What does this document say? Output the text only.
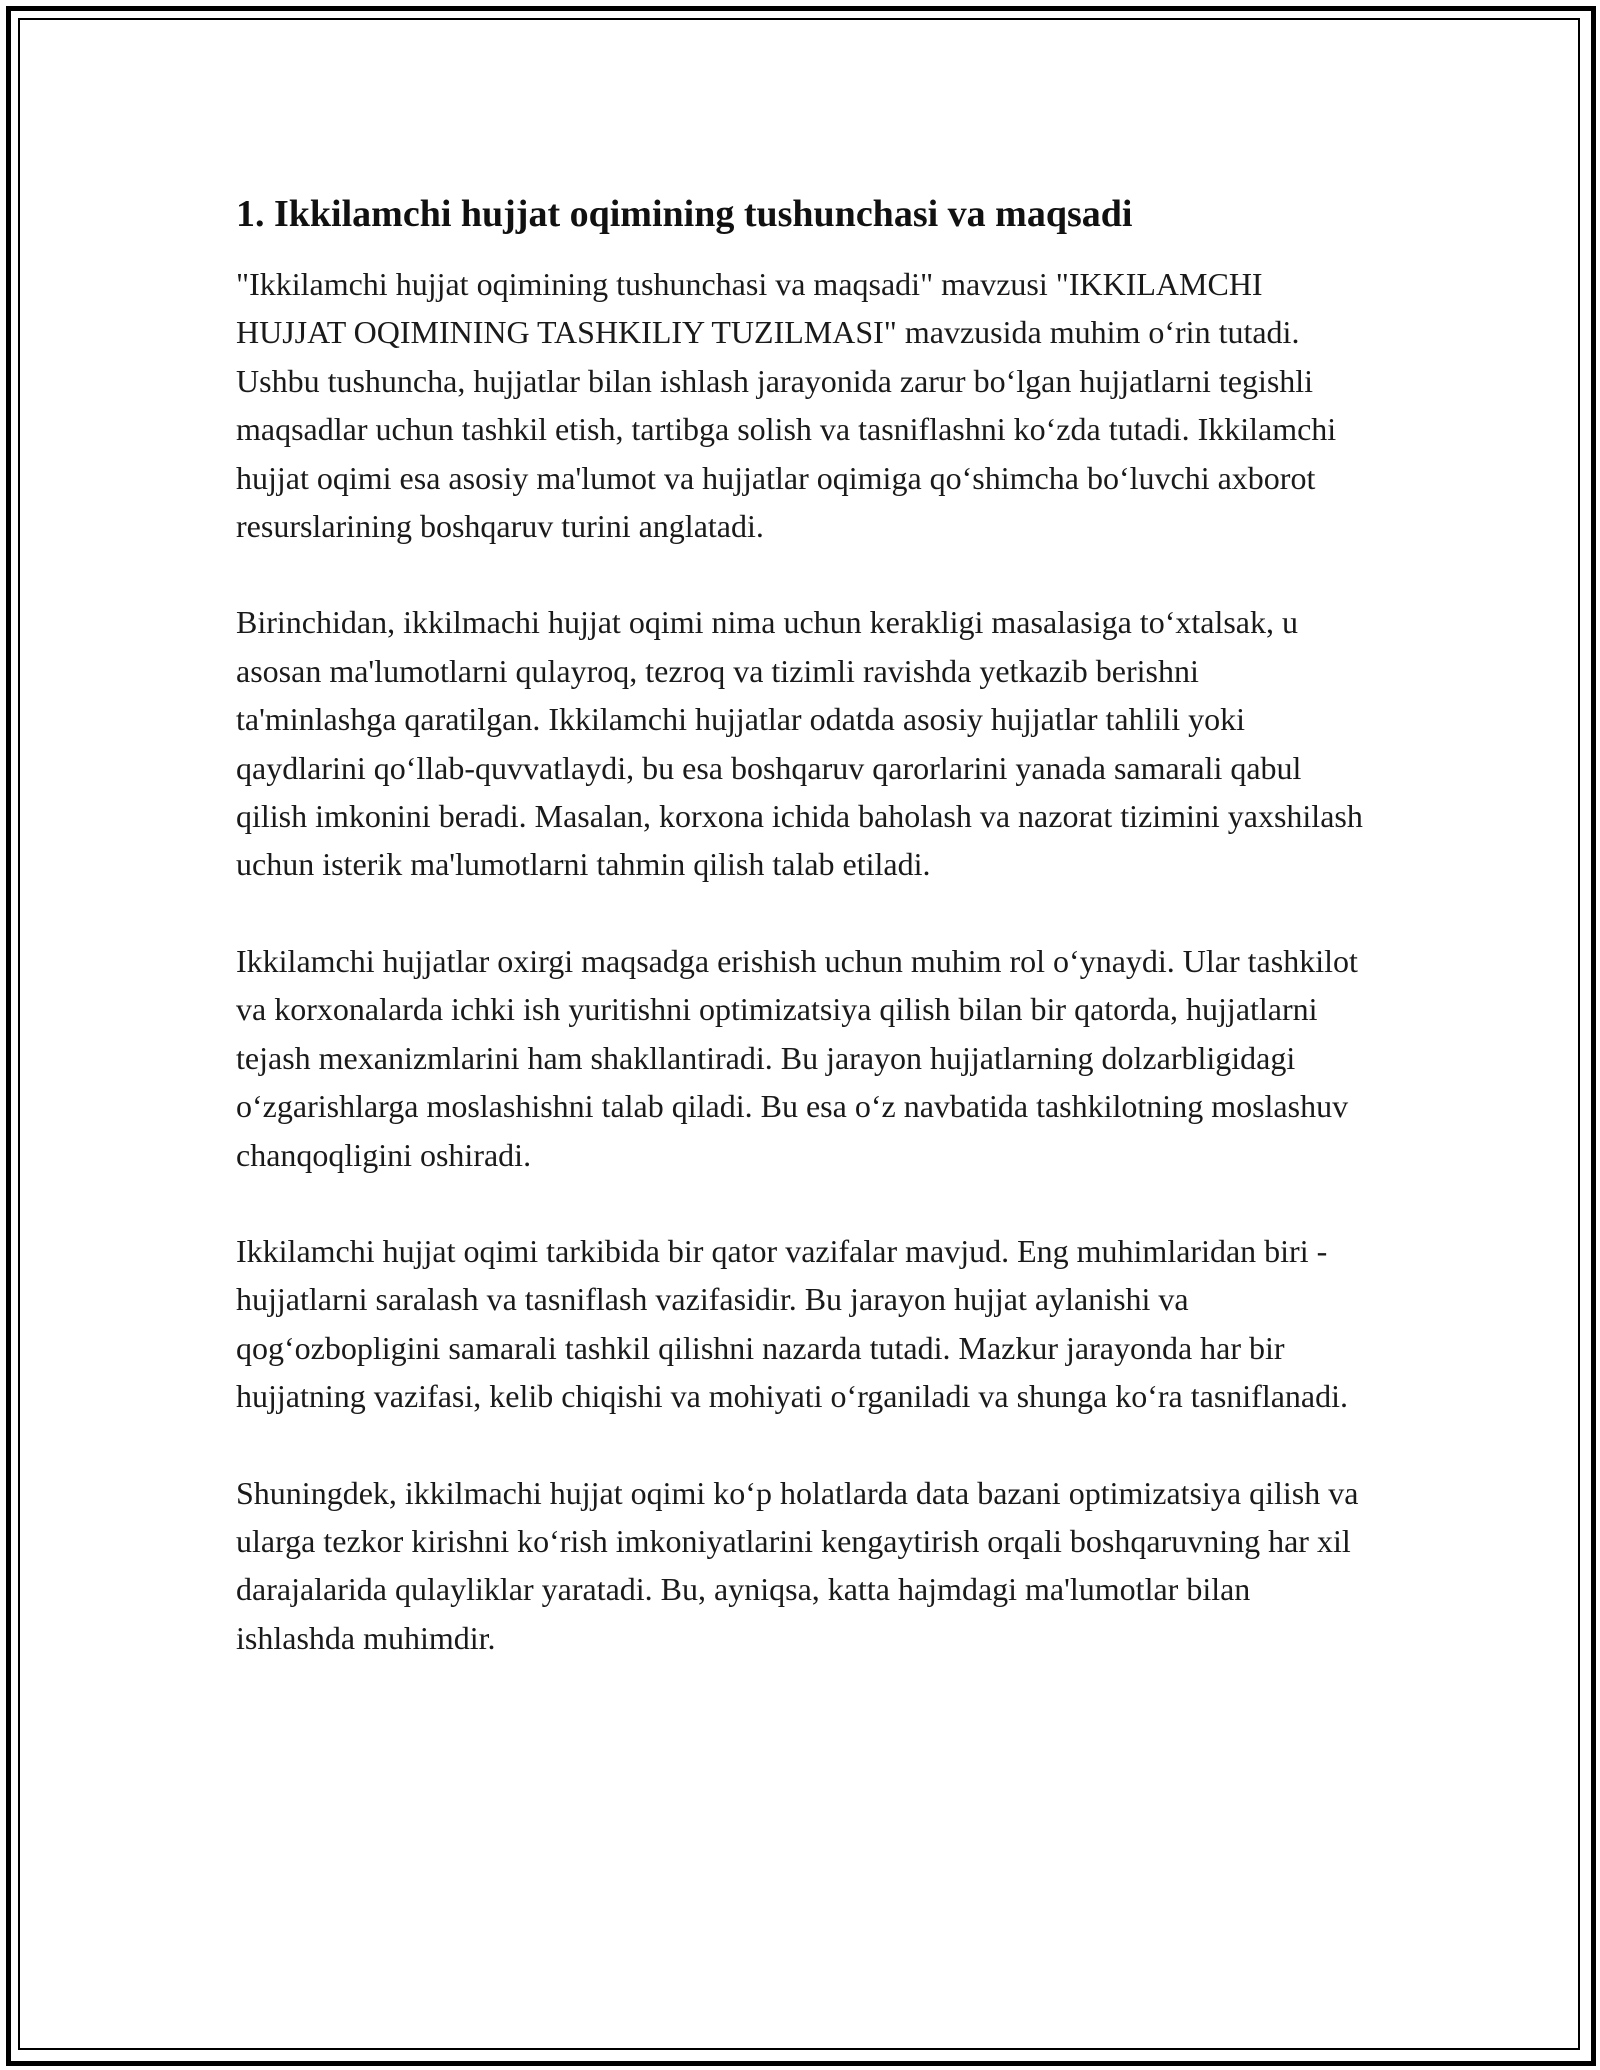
1. Ikkilamchi hujjat oqimining tushunchasi va maqsadi

"Ikkilamchi hujjat oqimining tushunchasi va maqsadi" mavzusi "IKKILAMCHI HUJJAT OQIMINING TASHKILIY TUZILMASI" mavzusida muhim o‘rin tutadi. Ushbu tushuncha, hujjatlar bilan ishlash jarayonida zarur bo‘lgan hujjatlarni tegishli maqsadlar uchun tashkil etish, tartibga solish va tasniflashni ko‘zda tutadi. Ikkilamchi hujjat oqimi esa asosiy ma'lumot va hujjatlar oqimiga qo‘shimcha bo‘luvchi axborot resurslarining boshqaruv turini anglatadi.

Birinchidan, ikkilmachi hujjat oqimi nima uchun kerakligi masalasiga to‘xtalsak, u asosan ma'lumotlarni qulayroq, tezroq va tizimli ravishda yetkazib berishni ta'minlashga qaratilgan. Ikkilamchi hujjatlar odatda asosiy hujjatlar tahlili yoki qaydlarini qo‘llab-quvvatlaydi, bu esa boshqaruv qarorlarini yanada samarali qabul qilish imkonini beradi. Masalan, korxona ichida baholash va nazorat tizimini yaxshilash uchun isterik ma'lumotlarni tahmin qilish talab etiladi.

Ikkilamchi hujjatlar oxirgi maqsadga erishish uchun muhim rol o‘ynaydi. Ular tashkilot va korxonalarda ichki ish yuritishni optimizatsiya qilish bilan bir qatorda, hujjatlarni tejash mexanizmlarini ham shakllantiradi. Bu jarayon hujjatlarning dolzarbligidagi o‘zgarishlarga moslashishni talab qiladi. Bu esa o‘z navbatida tashkilotning moslashuv chanqoqligini oshiradi.

Ikkilamchi hujjat oqimi tarkibida bir qator vazifalar mavjud. Eng muhimlaridan biri - hujjatlarni saralash va tasniflash vazifasidir. Bu jarayon hujjat aylanishi va qog‘ozbopligini samarali tashkil qilishni nazarda tutadi. Mazkur jarayonda har bir hujjatning vazifasi, kelib chiqishi va mohiyati o‘rganiladi va shunga ko‘ra tasniflanadi.

Shuningdek, ikkilmachi hujjat oqimi ko‘p holatlarda data bazani optimizatsiya qilish va ularga tezkor kirishni ko‘rish imkoniyatlarini kengaytirish orqali boshqaruvning har xil darajalarida qulayliklar yaratadi. Bu, ayniqsa, katta hajmdagi ma'lumotlar bilan ishlashda muhimdir.
